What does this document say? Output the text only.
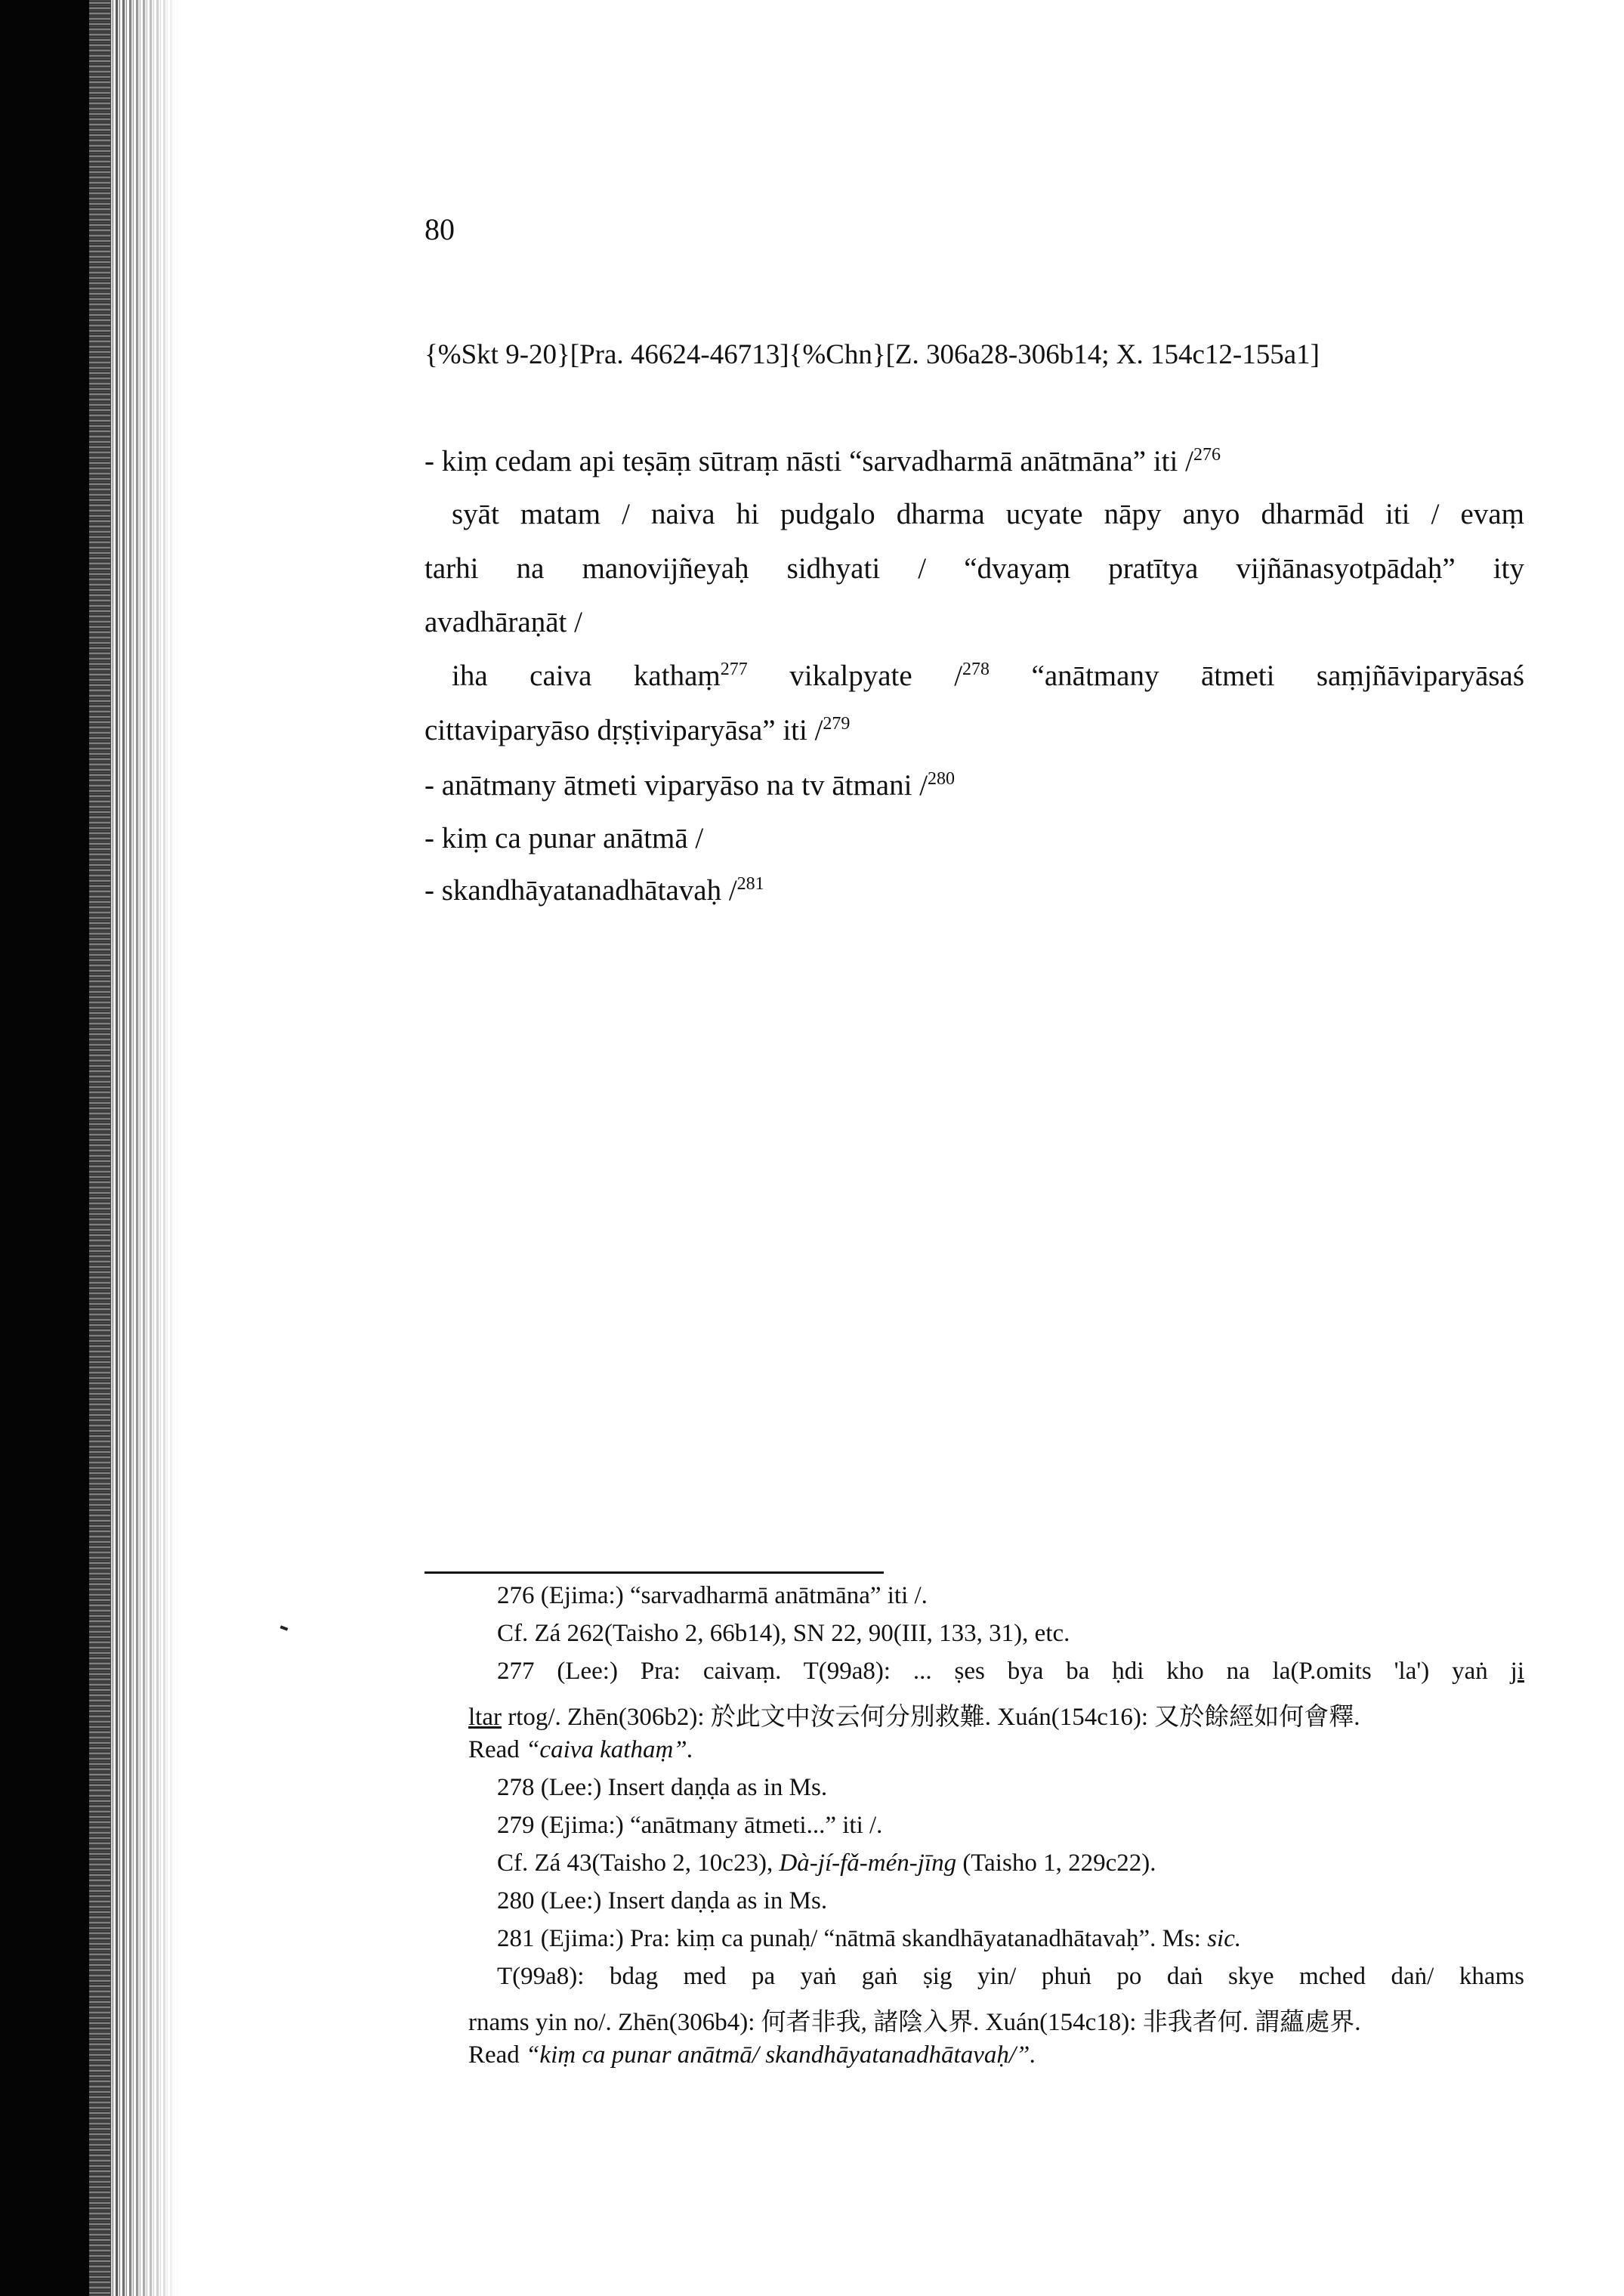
80
{%Skt 9-20}[Pra. 46624-46713]{%Chn}[Z. 306a28-306b14; X. 154c12-155a1]
- kiṃ cedam api teṣāṃ sūtraṃ nāsti “sarvadharmā anātmāna” iti /$^{276}$
syāt matam / naiva hi pudgalo dharma ucyate nāpy anyo dharmād iti / evaṃ
tarhi na manovijñeyaḥ sidhyati / “dvayaṃ pratītya vijñānasyotpādaḥ” ity
avadhāraṇāt /
iha caiva kathaṃ$^{277}$ vikalpyate /$^{278}$ “anātmany ātmeti saṃjñāviparyāsaś
cittaviparyāso dṛṣṭiviparyāsa” iti /$^{279}$
- anātmany ātmeti viparyāso na tv ātmani /$^{280}$
- kiṃ ca punar anātmā /
- skandhāyatanadhātavaḥ /$^{281}$
276 (Ejima:) “sarvadharmā anātmāna” iti /.
Cf. Zá 262(Taisho 2, 66b14), SN 22, 90(III, 133, 31), etc.
277 (Lee:) Pra: caivaṃ. T(99a8): ... ṣes bya ba ḥdi kho na la(P.omits 'la') yaṅ ji
ltar rtog/. Zhēn(306b2): 於此文中汝云何分別救難. Xuán(154c16): 又於餘經如何會釋.
Read “caiva kathaṃ”.
278 (Lee:) Insert daṇḍa as in Ms.
279 (Ejima:) “anātmany ātmeti...” iti /.
Cf. Zá 43(Taisho 2, 10c23), Dà-jí-fǎ-mén-jīng (Taisho 1, 229c22).
280 (Lee:) Insert daṇḍa as in Ms.
281 (Ejima:) Pra: kiṃ ca punaḥ/ “nātmā skandhāyatanadhātavaḥ”. Ms: sic.
T(99a8): bdag med pa yaṅ gaṅ ṣig yin/ phuṅ po daṅ skye mched daṅ/ khams
rnams yin no/. Zhēn(306b4): 何者非我, 諸陰入界. Xuán(154c18): 非我者何. 謂蘊處界.
Read “kiṃ ca punar anātmā/ skandhāyatanadhātavaḥ/”.
